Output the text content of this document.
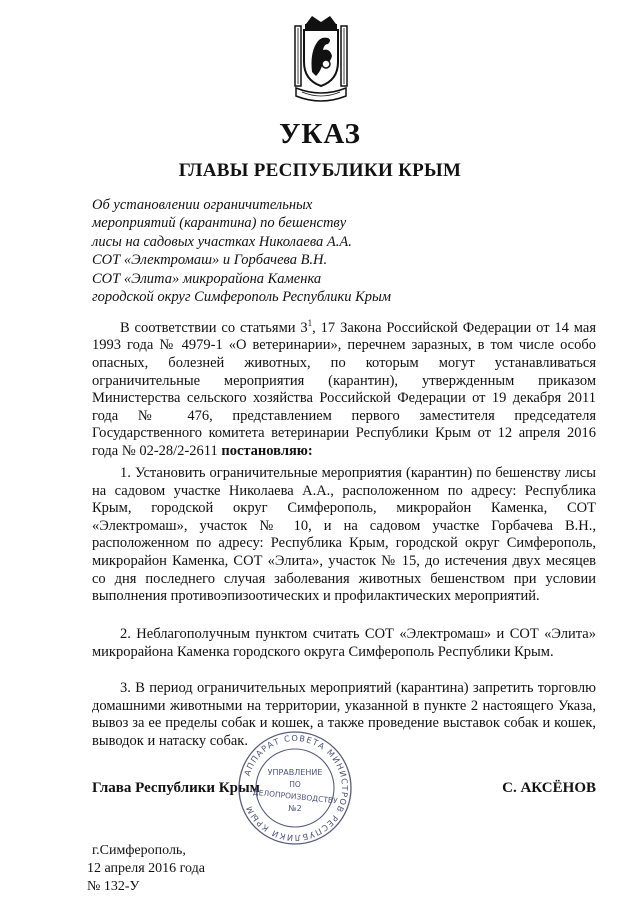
УКАЗ
ГЛАВЫ РЕСПУБЛИКИ КРЫМ
Об установлении ограничительных
мероприятий (карантина) по бешенству
лисы на садовых участках Николаева А.А.
СОТ «Электромаш» и Горбачева В.Н.
СОТ «Элита» микрорайона Каменка
городской округ Симферополь Республики Крым
В соответствии со статьями $3^1$, 17 Закона Российской Федерации от 14 мая 1993 года № 4979-1 «О ветеринарии», перечнем заразных, в том числе особо опасных, болезней животных, по которым могут устанавливаться ограничительные мероприятия (карантин), утвержденным приказом Министерства сельского хозяйства Российской Федерации от 19 декабря 2011 года № 476, представлением первого заместителя председателя Государственного комитета ветеринарии Республики Крым от 12 апреля 2016 года № 02-28/2-2611 постановляю:
1. Установить ограничительные мероприятия (карантин) по бешенству лисы на садовом участке Николаева А.А., расположенном по адресу: Республика Крым, городской округ Симферополь, микрорайон Каменка, СОТ «Электромаш», участок № 10, и на садовом участке Горбачева В.Н., расположенном по адресу: Республика Крым, городской округ Симферополь, микрорайон Каменка, СОТ «Элита», участок № 15, до истечения двух месяцев со дня последнего случая заболевания животных бешенством при условии выполнения противоэпизоотических и профилактических мероприятий.
2. Неблагополучным пунктом считать СОТ «Электромаш» и СОТ «Элита» микрорайона Каменка городского округа Симферополь Республики Крым.
3. В период ограничительных мероприятий (карантина) запретить торговлю домашними животными на территории, указанной в пункте 2 настоящего Указа, вывоз за ее пределы собак и кошек, а также проведение выставок собак и кошек, выводок и натаску собак.
Глава Республики Крым	С. АКСЁНОВ
АППАРАТ СОВЕТА МИНИСТРОВ РЕСПУБЛИКИ КРЫМ
УПРАВЛЕНИЕ
ПО
ДЕЛОПРОИЗВОДСТВУ
№2
г.Симферополь,
12 апреля 2016 года
№ 132-У
